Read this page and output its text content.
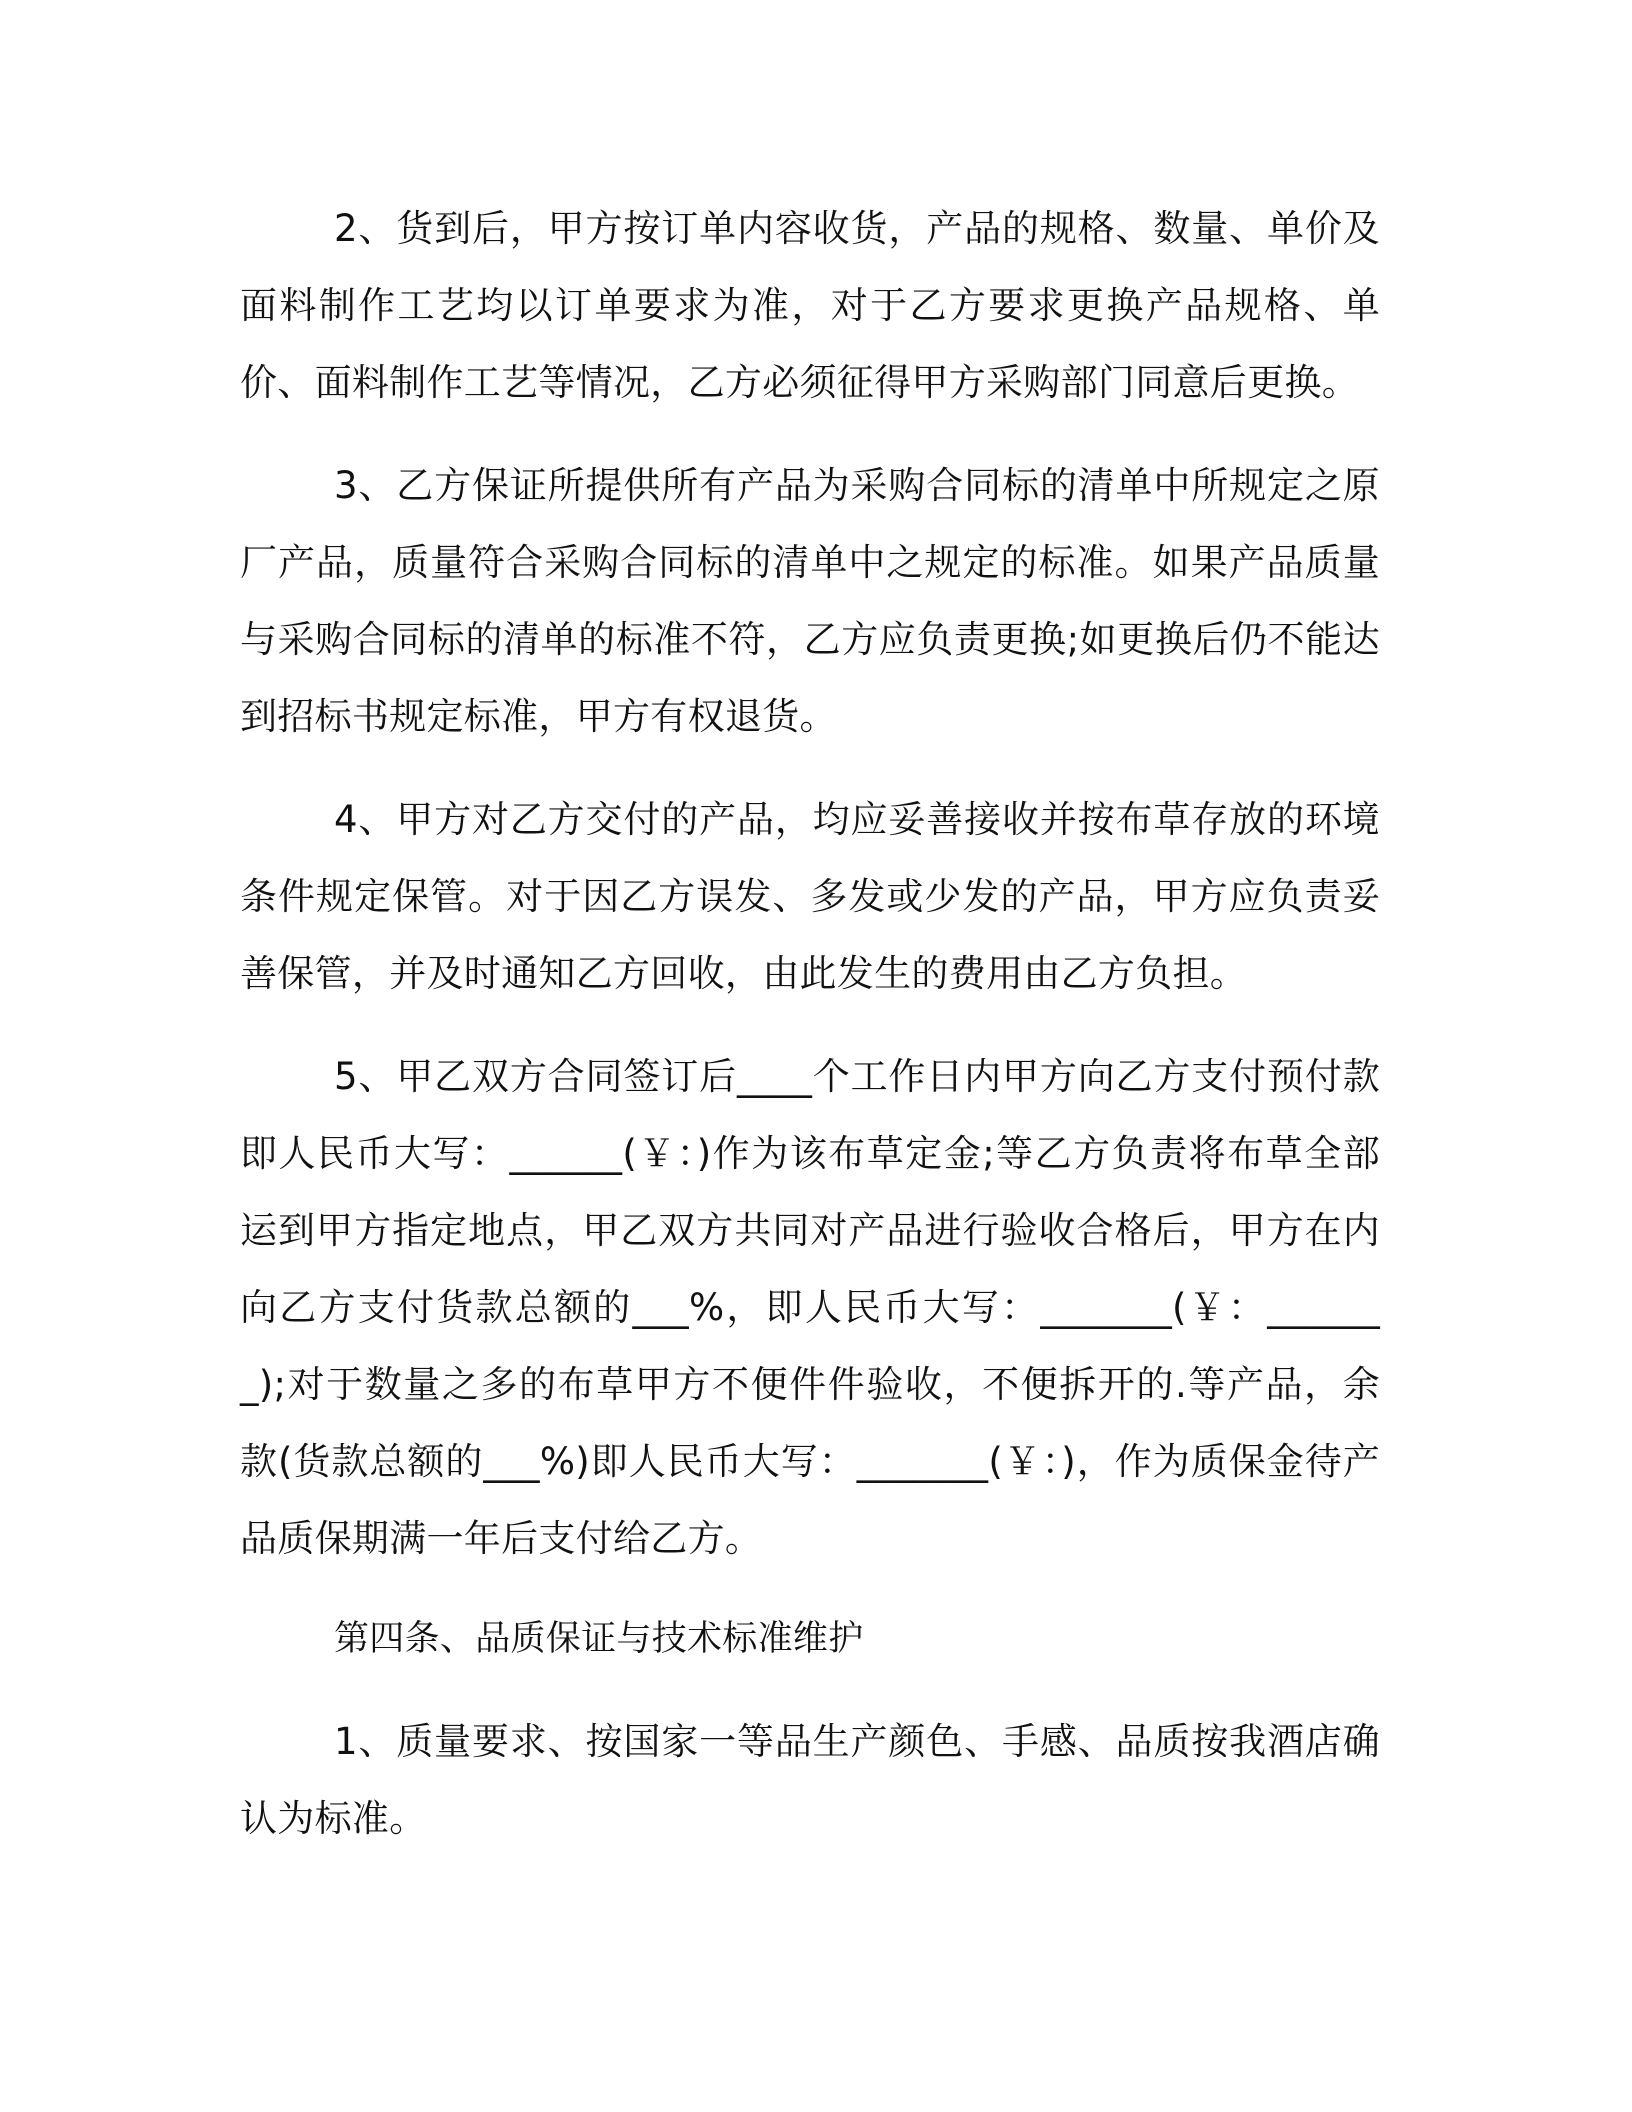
2、货到后，甲方按订单内容收货，产品的规格、数量、单价及面料制作工艺均以订单要求为准，对于乙方要求更换产品规格、单价、面料制作工艺等情况，乙方必须征得甲方采购部门同意后更换。

3、乙方保证所提供所有产品为采购合同标的清单中所规定之原厂产品，质量符合采购合同标的清单中之规定的标准。如果产品质量与采购合同标的清单的标准不符，乙方应负责更换;如更换后仍不能达到招标书规定标准，甲方有权退货。

4、甲方对乙方交付的产品，均应妥善接收并按布草存放的环境条件规定保管。对于因乙方误发、多发或少发的产品，甲方应负责妥善保管，并及时通知乙方回收，由此发生的费用由乙方负担。

5、甲乙双方合同签订后____个工作日内甲方向乙方支付预付款即人民币大写：______(￥：)作为该布草定金;等乙方负责将布草全部运到甲方指定地点，甲乙双方共同对产品进行验收合格后，甲方在内向乙方支付货款总额的___%，即人民币大写：_______(￥：_______);对于数量之多的布草甲方不便件件验收，不便拆开的.等产品，余款(货款总额的___%)即人民币大写：_______(￥：)，作为质保金待产品质保期满一年后支付给乙方。

第四条、品质保证与技术标准维护

1、质量要求、按国家一等品生产颜色、手感、品质按我酒店确认为标准。
